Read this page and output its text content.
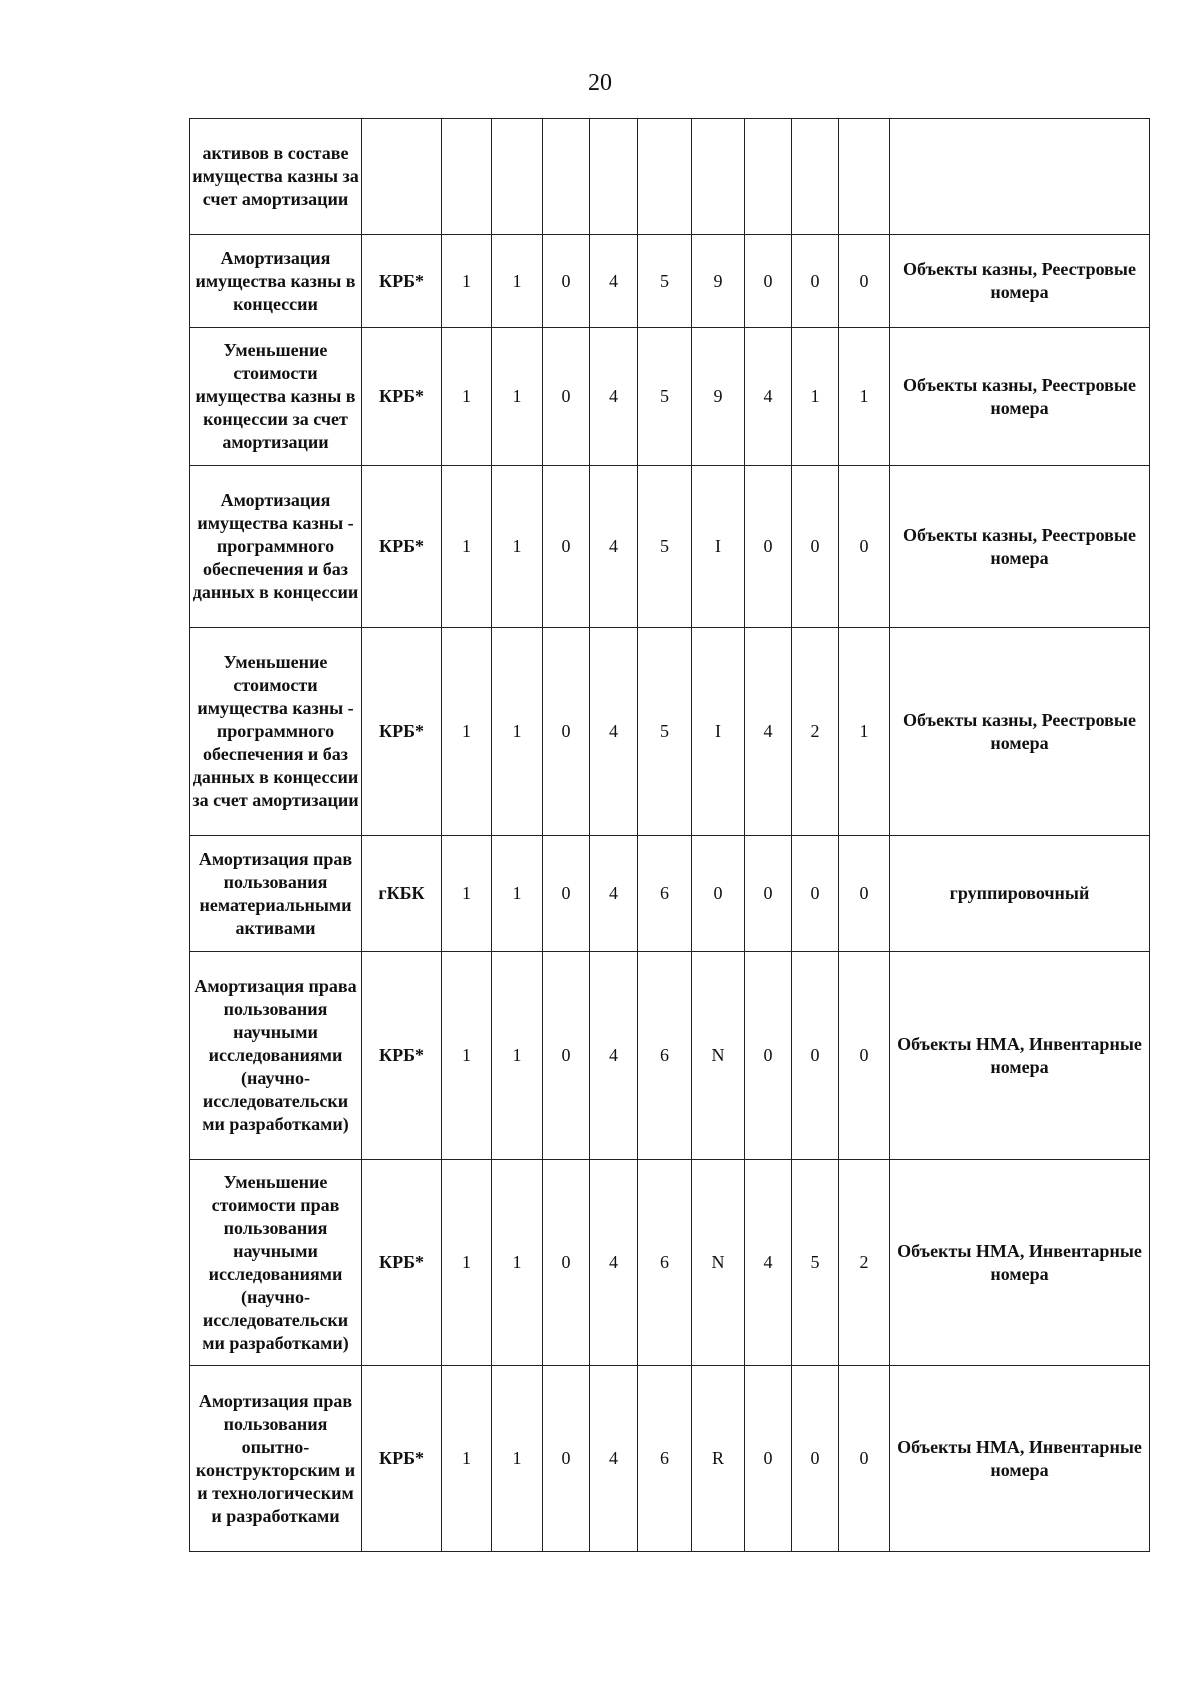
20
активов в составе имущества казны за счет амортизации											
Амортизация имущества казны в концессии	КРБ*	1	1	0	4	5	9	0	0	0	Объекты казны, Реестровые номера
Уменьшение стоимости имущества казны в концессии за счет амортизации	КРБ*	1	1	0	4	5	9	4	1	1	Объекты казны, Реестровые номера
Амортизация имущества казны - программного обеспечения и баз данных в концессии	КРБ*	1	1	0	4	5	I	0	0	0	Объекты казны, Реестровые номера
Уменьшение стоимости имущества казны - программного обеспечения и баз данных в концессии за счет амортизации	КРБ*	1	1	0	4	5	I	4	2	1	Объекты казны, Реестровые номера
Амортизация прав пользования нематериальными активами	гКБК	1	1	0	4	6	0	0	0	0	группировочный
Амортизация права пользования научными исследованиями (научно-исследовательски ми разработками)	КРБ*	1	1	0	4	6	N	0	0	0	Объекты НМА, Инвентарные номера
Уменьшение стоимости прав пользования научными исследованиями (научно-исследовательски ми разработками)	КРБ*	1	1	0	4	6	N	4	5	2	Объекты НМА, Инвентарные номера
Амортизация прав пользования опытно-конструкторским и и технологическим и разработками	КРБ*	1	1	0	4	6	R	0	0	0	Объекты НМА, Инвентарные номера
